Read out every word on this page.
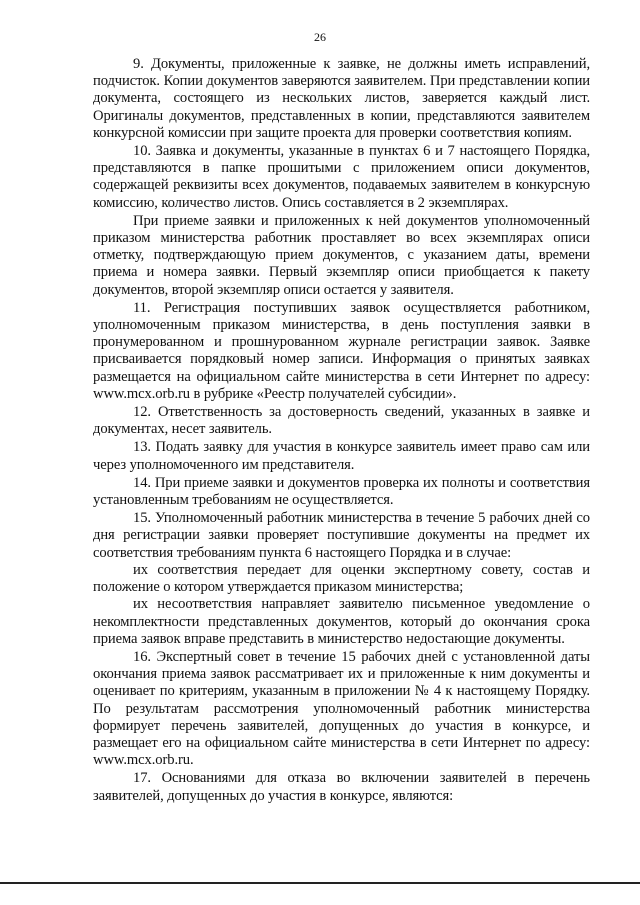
26

9. Документы, приложенные к заявке, не должны иметь исправлений, подчисток. Копии документов заверяются заявителем. При представлении копии документа, состоящего из нескольких листов, заверяется каждый лист. Оригиналы документов, представленных в копии, представляются заявителем конкурсной комиссии при защите проекта для проверки соответствия копиям.

10. Заявка и документы, указанные в пунктах 6 и 7 настоящего Порядка, представляются в папке прошитыми с приложением описи документов, содержащей реквизиты всех документов, подаваемых заявителем в конкурсную комиссию, количество листов. Опись составляется в 2 экземплярах.

При приеме заявки и приложенных к ней документов уполномоченный приказом министерства работник проставляет во всех экземплярах описи отметку, подтверждающую прием документов, с указанием даты, времени приема и номера заявки. Первый экземпляр описи приобщается к пакету документов, второй экземпляр описи остается у заявителя.

11. Регистрация поступивших заявок осуществляется работником, уполномоченным приказом министерства, в день поступления заявки в пронумерованном и прошнурованном журнале регистрации заявок. Заявке присваивается порядковый номер записи. Информация о принятых заявках размещается на официальном сайте министерства в сети Интернет по адресу: www.mcx.orb.ru в рубрике «Реестр получателей субсидии».

12. Ответственность за достоверность сведений, указанных в заявке и документах, несет заявитель.

13. Подать заявку для участия в конкурсе заявитель имеет право сам или через уполномоченного им представителя.

14. При приеме заявки и документов проверка их полноты и соответствия установленным требованиям не осуществляется.

15. Уполномоченный работник министерства в течение 5 рабочих дней со дня регистрации заявки проверяет поступившие документы на предмет их соответствия требованиям пункта 6 настоящего Порядка и в случае:

их соответствия передает для оценки экспертному совету, состав и положение о котором утверждается приказом министерства;

их несоответствия направляет заявителю письменное уведомление о некомплектности представленных документов, который до окончания срока приема заявок вправе представить в министерство недостающие документы.

16. Экспертный совет в течение 15 рабочих дней с установленной даты окончания приема заявок рассматривает их и приложенные к ним документы и оценивает по критериям, указанным в приложении № 4 к настоящему Порядку. По результатам рассмотрения уполномоченный работник министерства формирует перечень заявителей, допущенных до участия в конкурсе, и размещает его на официальном сайте министерства в сети Интернет по адресу: www.mcx.orb.ru.

17. Основаниями для отказа во включении заявителей в перечень заявителей, допущенных до участия в конкурсе, являются:
